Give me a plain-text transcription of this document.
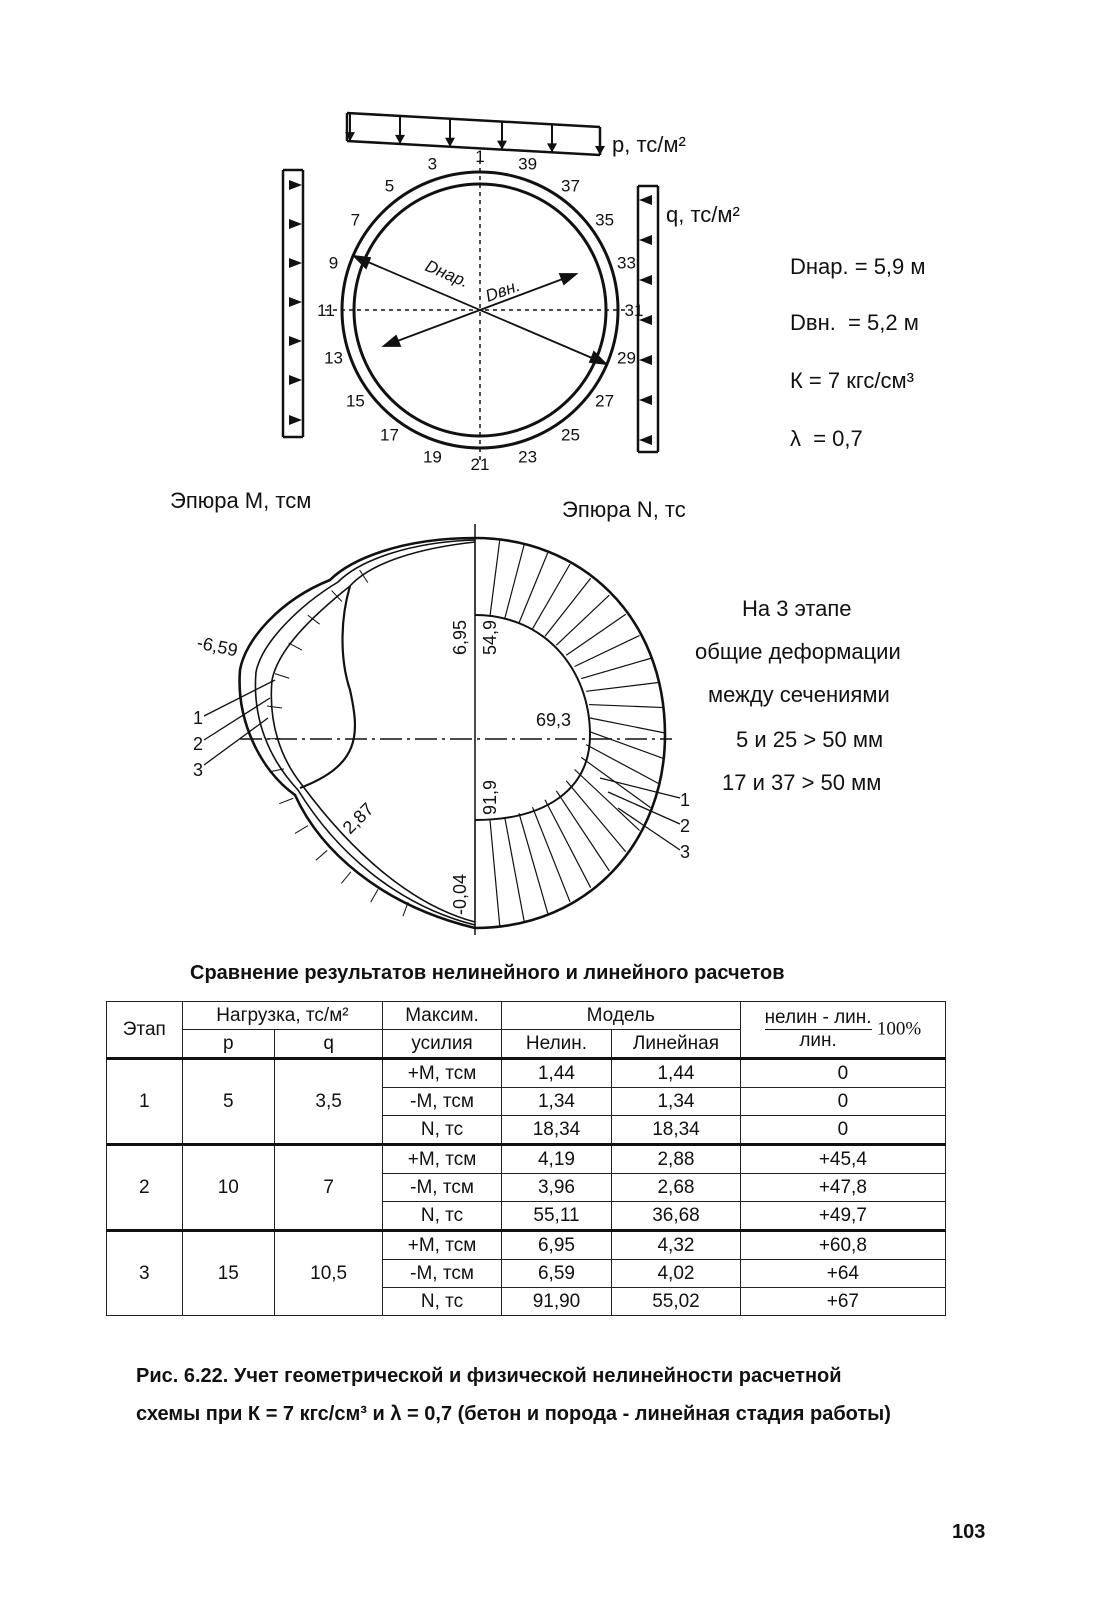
p, тс/м²
q, тс/м²
Dнар. Dвн.
1
3
5
7
9
11
13
15
17
19 21 23
25
27
29
31
33
35
37
39
Dнар. = 5,9 м
Dвн.  = 5,2 м
К = 7 кгс/см³
λ  = 0,7
Эпюра М, тсм	Эпюра N, тс
-6,59	6,95 54,9
69,3
91,9
-0,04
2,87
1
2
3
1
2
3
На 3 этапе
общие деформации
между сечениями
5 и 25 > 50 мм
17 и 37 > 50 мм
Сравнение результатов нелинейного и линейного расчетов
Этап	Нагрузка, тс/м²		Максим.	Модель		$\frac{\text{нелин - лин.}}{\text{лин.}} 100\%$
	p	q	усилия	Нелин.	Линейная	
1	5	3,5	+М, тсм	1,44	1,44	0
			-М, тсм	1,34	1,34	0
			N, тс	18,34	18,34	0
2	10	7	+М, тсм	4,19	2,88	+45,4
			-М, тсм	3,96	2,68	+47,8
			N, тс	55,11	36,68	+49,7
3	15	10,5	+М, тсм	6,95	4,32	+60,8
			-М, тсм	6,59	4,02	+64
			N, тс	91,90	55,02	+67
Рис. 6.22. Учет геометрической и физической нелинейности расчетной
схемы при К = 7 кгс/см³ и λ = 0,7 (бетон и порода - линейная стадия работы)
103
